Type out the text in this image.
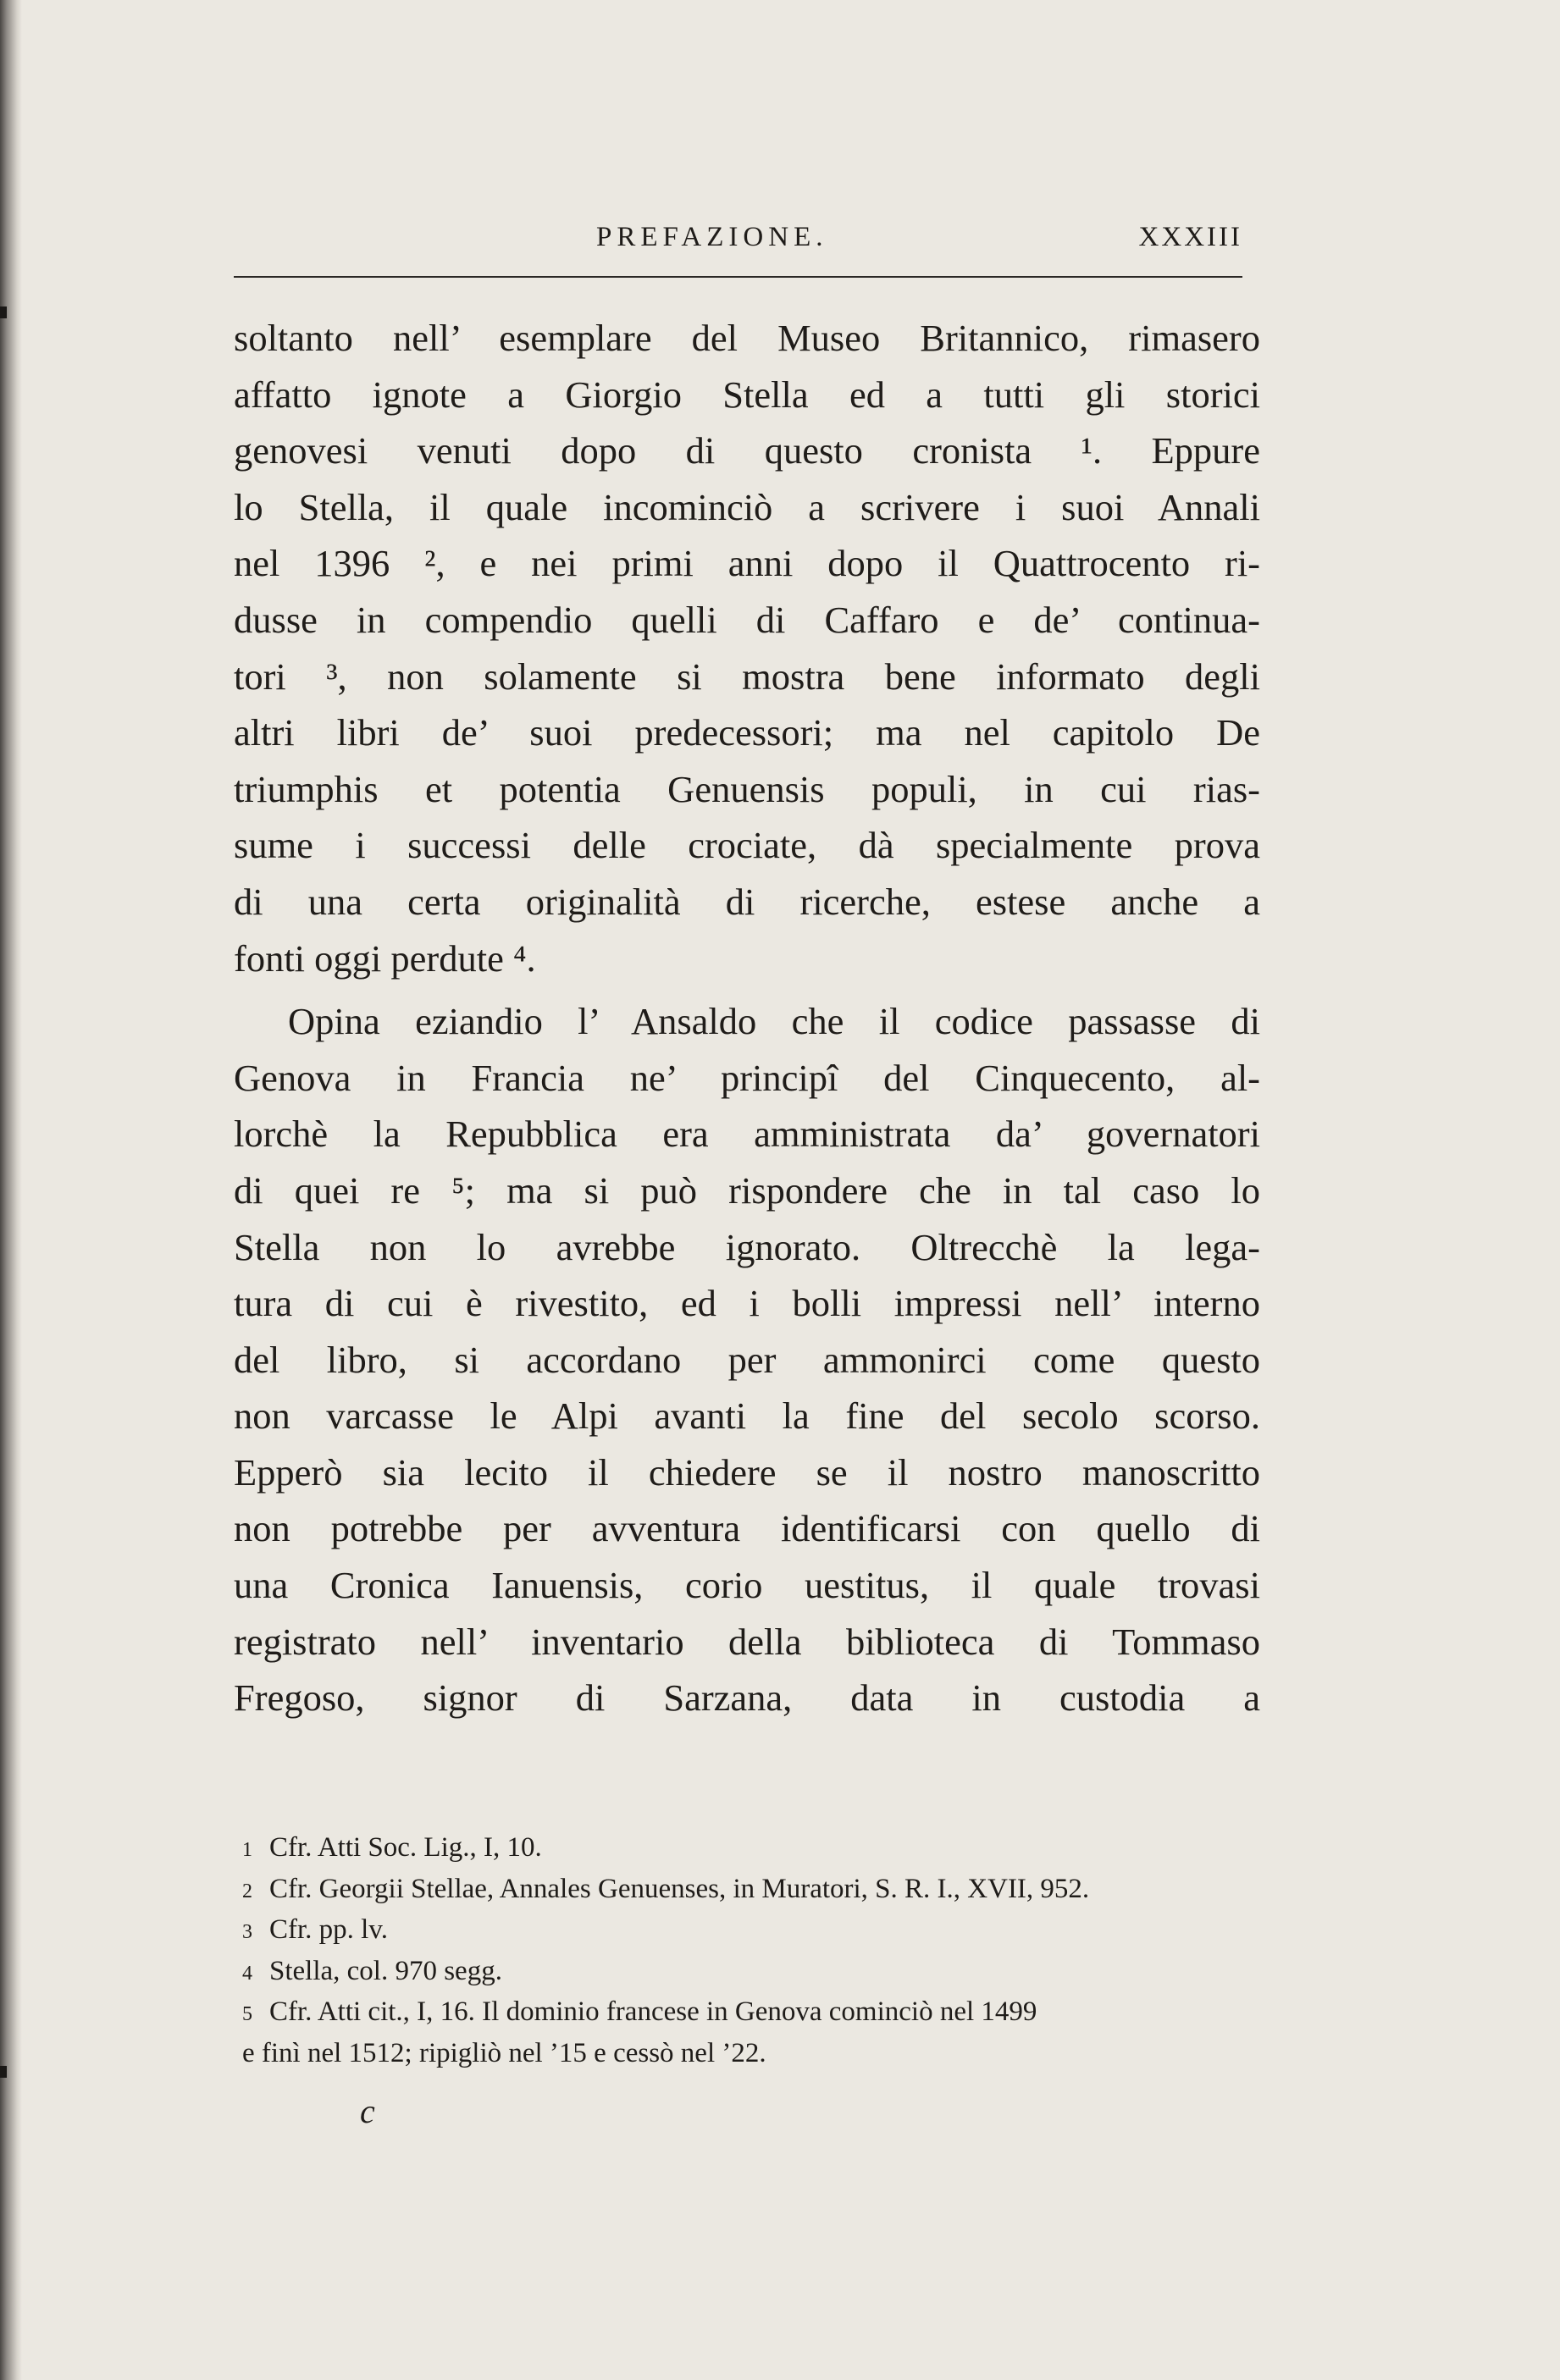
PREFAZIONE.	XXXIII
soltanto nell’ esemplare del Museo Britannico, rimasero
affatto ignote a Giorgio Stella ed a tutti gli storici
genovesi venuti dopo di questo cronista ¹. Eppure
lo Stella, il quale incominciò a scrivere i suoi Annali
nel 1396 ², e nei primi anni dopo il Quattrocento ri-
dusse in compendio quelli di Caffaro e de’ continua-
tori ³, non solamente si mostra bene informato degli
altri libri de’ suoi predecessori; ma nel capitolo De
triumphis et potentia Genuensis populi, in cui rias-
sume i successi delle crociate, dà specialmente prova
di una certa originalità di ricerche, estese anche a
fonti oggi perdute ⁴.
Opina eziandio l’ Ansaldo che il codice passasse di
Genova in Francia ne’ principî del Cinquecento, al-
lorchè la Repubblica era amministrata da’ governatori
di quei re ⁵; ma si può rispondere che in tal caso lo
Stella non lo avrebbe ignorato. Oltrecchè la lega-
tura di cui è rivestito, ed i bolli impressi nell’ interno
del libro, si accordano per ammonirci come questo
non varcasse le Alpi avanti la fine del secolo scorso.
Epperò sia lecito il chiedere se il nostro manoscritto
non potrebbe per avventura identificarsi con quello di
una Cronica Ianuensis, corio uestitus, il quale trovasi
registrato nell’ inventario della biblioteca di Tommaso
Fregoso, signor di Sarzana, data in custodia a
1 Cfr. Atti Soc. Lig., I, 10.
2 Cfr. Georgii Stellae, Annales Genuenses, in Muratori, S. R. I., XVII, 952.
3 Cfr. pp. lv.
4 Stella, col. 970 segg.
5 Cfr. Atti cit., I, 16. Il dominio francese in Genova cominciò nel 1499
e finì nel 1512; ripigliò nel ’15 e cessò nel ’22.
c
